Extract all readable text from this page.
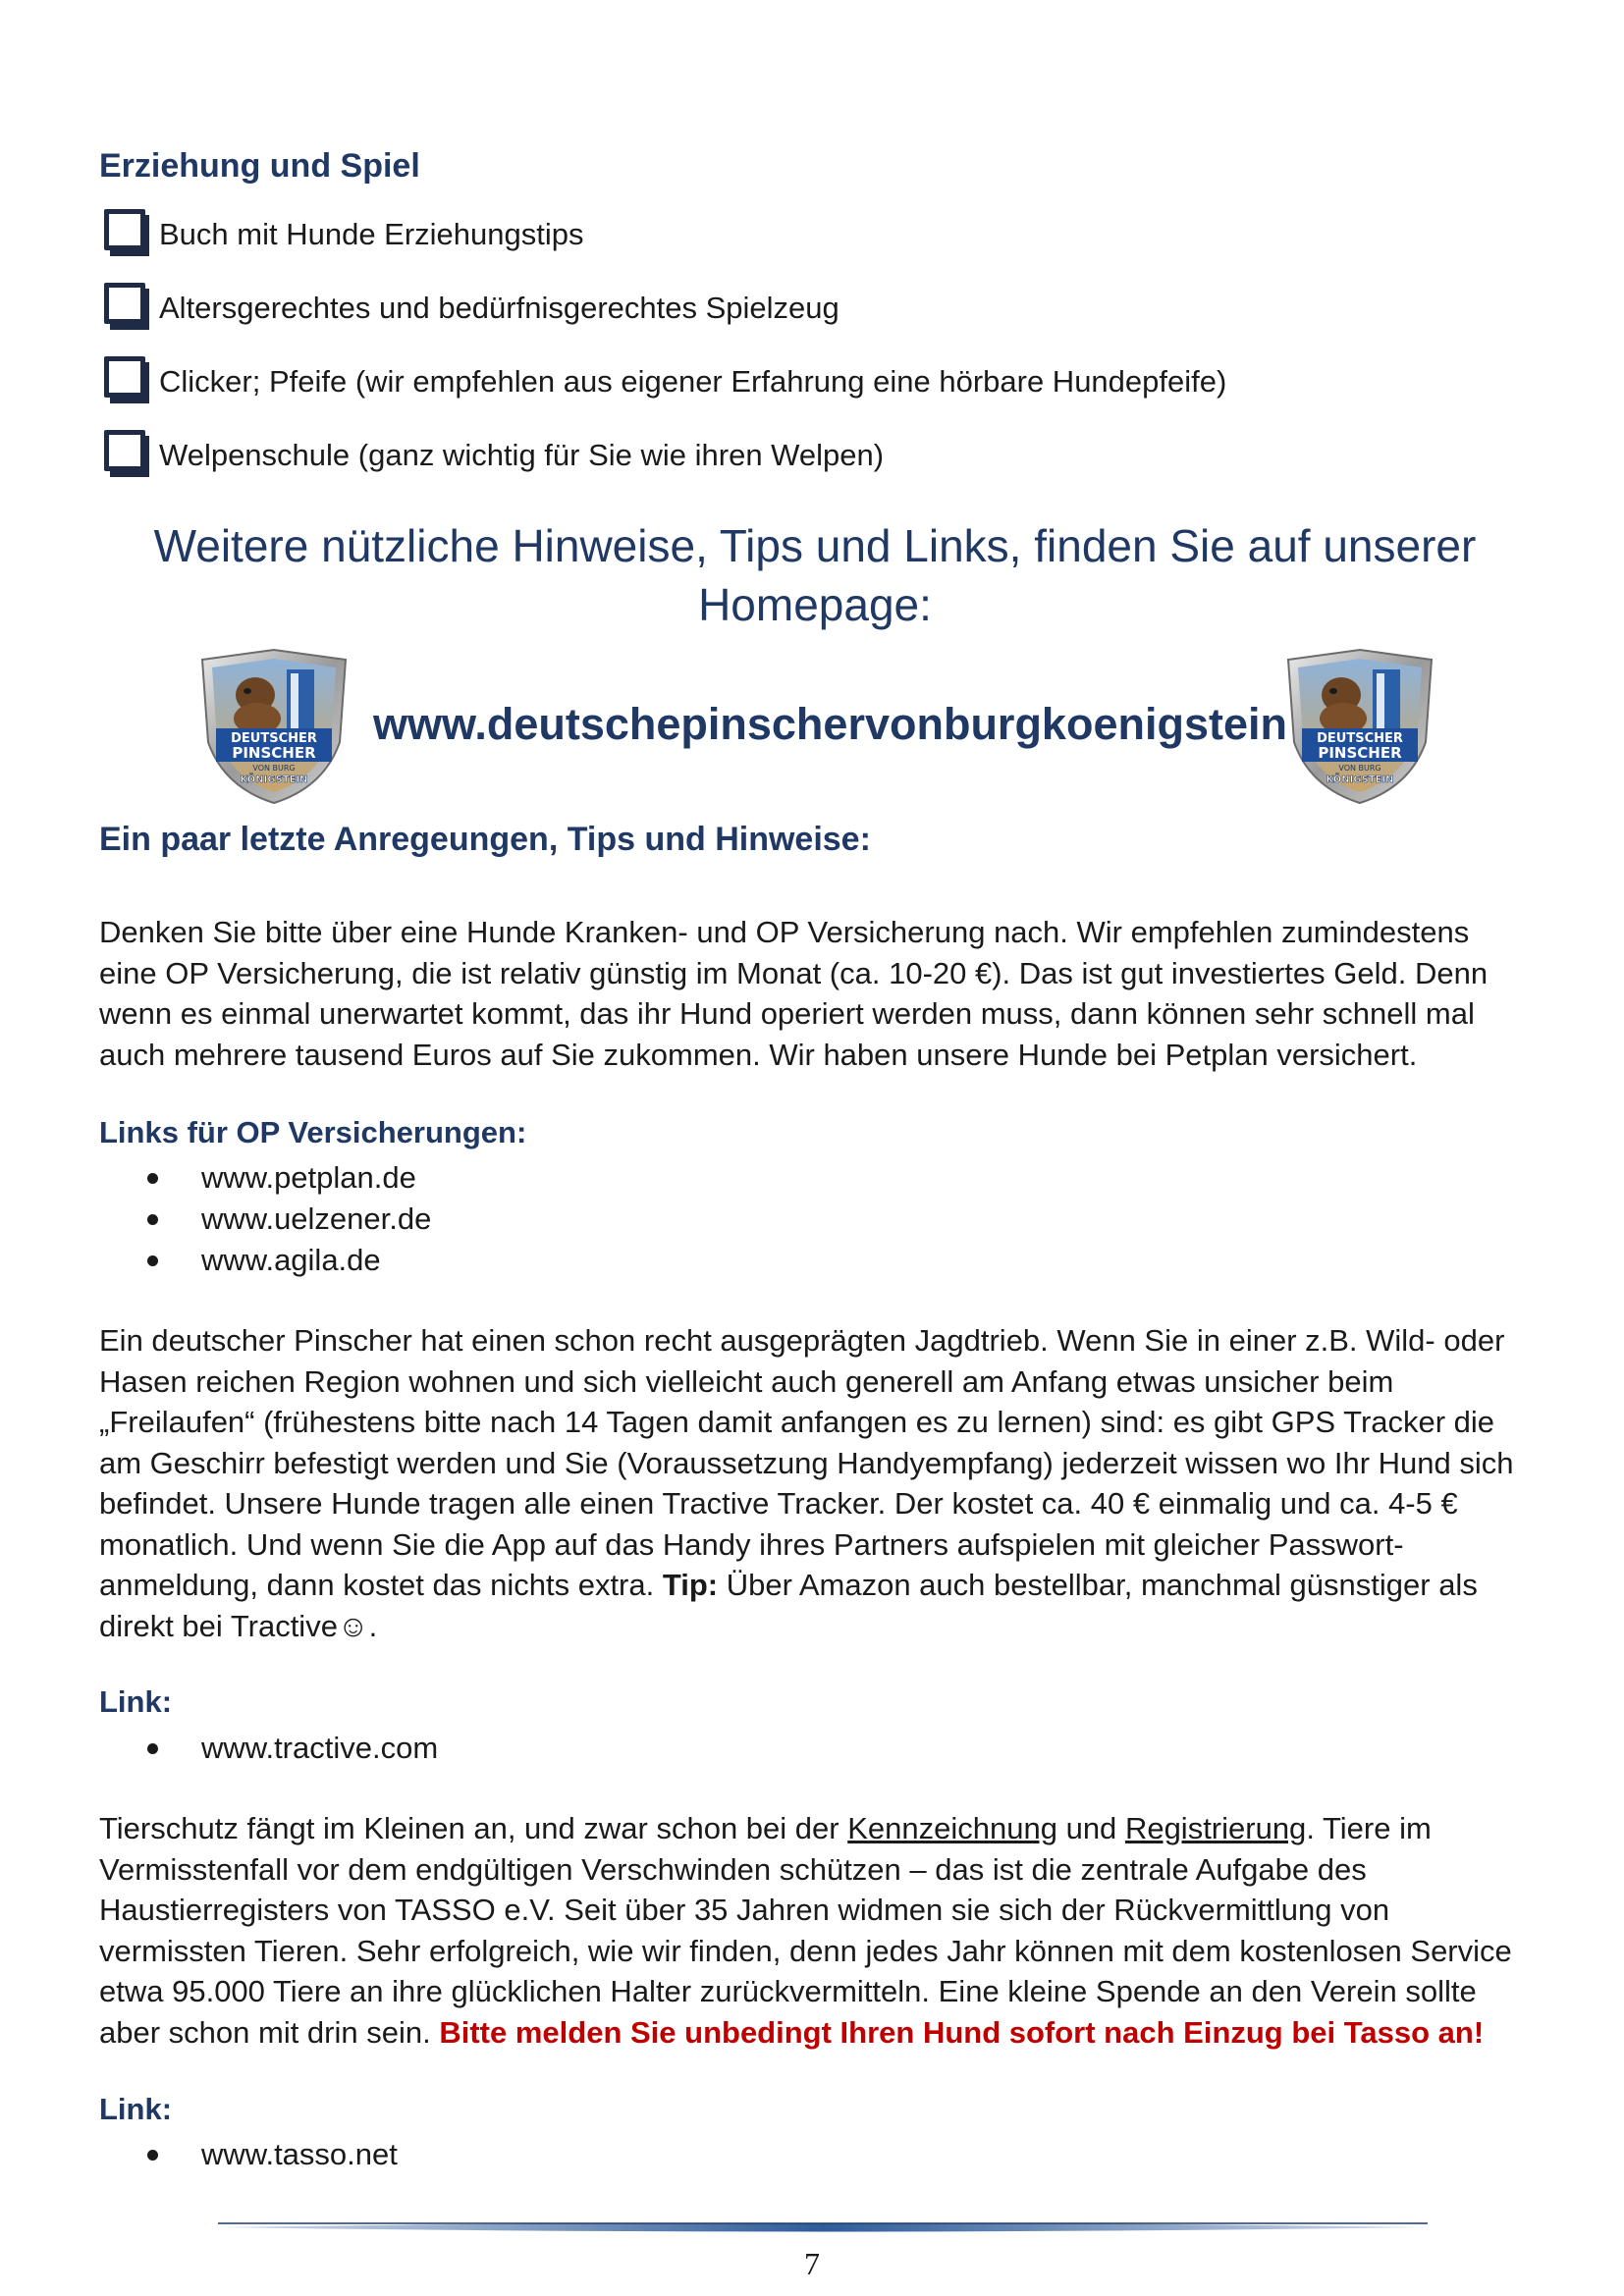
Erziehung und Spiel
Buch mit Hunde Erziehungstips
Altersgerechtes und bedürfnisgerechtes Spielzeug
Clicker; Pfeife (wir empfehlen aus eigener Erfahrung eine hörbare Hundepfeife)
Welpenschule (ganz wichtig für Sie wie ihren Welpen)
Weitere nützliche Hinweise, Tips und Links, finden Sie auf unserer
Homepage:
DEUTSCHER
PINSCHER
VON BURG
KÖNIGSTEIN
www.deutschepinschervonburgkoenigstein DEUTSCHER
PINSCHER
VON BURG
KÖNIGSTEIN
Ein paar letzte Anregeungen, Tips und Hinweise:
Denken Sie bitte über eine Hunde Kranken- und OP Versicherung nach. Wir empfehlen zumindestens eine OP Versicherung, die ist relativ günstig im Monat (ca. 10-20 €). Das ist gut investiertes Geld. Denn wenn es einmal unerwartet kommt, das ihr Hund operiert werden muss, dann können sehr schnell mal auch mehrere tausend Euros auf Sie zukommen. Wir haben unsere Hunde bei Petplan versichert.
Links für OP Versicherungen:
www.petplan.de
www.uelzener.de
www.agila.de
Ein deutscher Pinscher hat einen schon recht ausgeprägten Jagdtrieb. Wenn Sie in einer z.B. Wild- oder Hasen reichen Region wohnen und sich vielleicht auch generell am Anfang etwas unsicher beim „Freilaufen“ (frühestens bitte nach 14 Tagen damit anfangen es zu lernen) sind: es gibt GPS Tracker die am Geschirr befestigt werden und Sie (Voraussetzung Handyempfang) jederzeit wissen wo Ihr Hund sich befindet. Unsere Hunde tragen alle einen Tractive Tracker. Der kostet ca. 40 € einmalig und ca. 4-5 € monatlich. Und wenn Sie die App auf das Handy ihres Partners aufspielen mit gleicher Passwort-anmeldung, dann kostet das nichts extra. Tip: Über Amazon auch bestellbar, manchmal güsnstiger als direkt bei Tractive☺.
Link:
www.tractive.com
Tierschutz fängt im Kleinen an, und zwar schon bei der Kennzeichnung und Registrierung. Tiere im Vermisstenfall vor dem endgültigen Verschwinden schützen – das ist die zentrale Aufgabe des Haustierregisters von TASSO e.V. Seit über 35 Jahren widmen sie sich der Rückvermittlung von vermissten Tieren. Sehr erfolgreich, wie wir finden, denn jedes Jahr können mit dem kostenlosen Service etwa 95.000 Tiere an ihre glücklichen Halter zurückvermitteln. Eine kleine Spende an den Verein sollte aber schon mit drin sein. Bitte melden Sie unbedingt Ihren Hund sofort nach Einzug bei Tasso an!
Link:
www.tasso.net
7
